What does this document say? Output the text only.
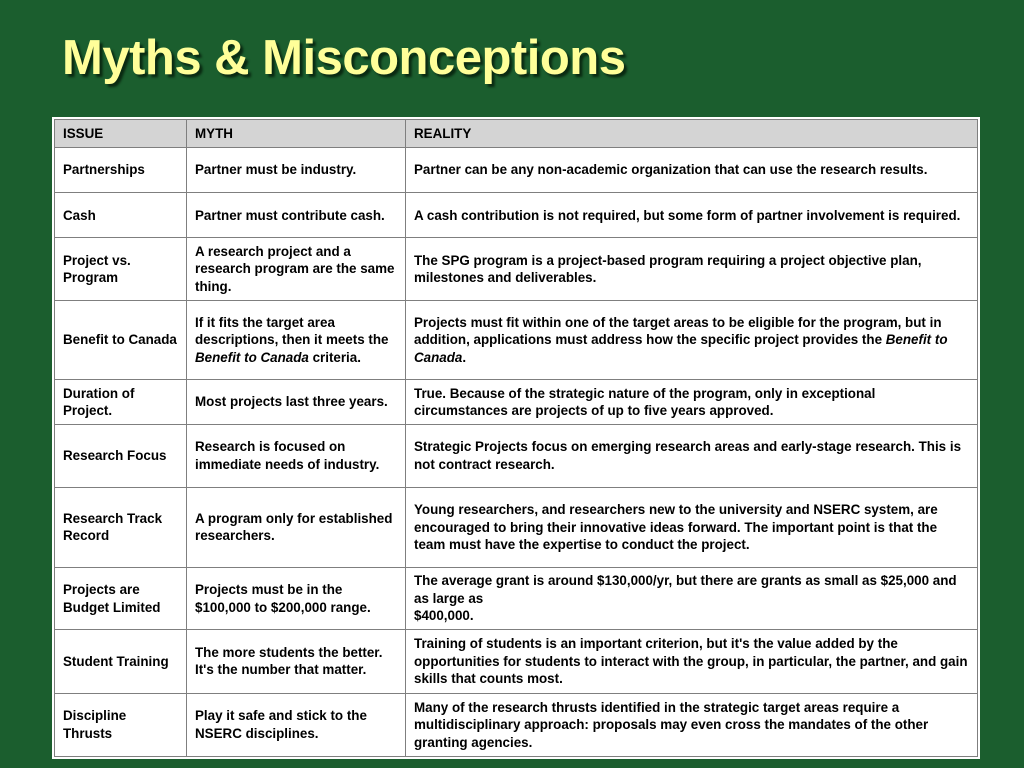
Myths & Misconceptions
ISSUE	MYTH	REALITY
Partnerships	Partner must be industry.	Partner can be any non-academic organization that can use the research results.
Cash	Partner must contribute cash.	A cash contribution is not required, but some form of partner involvement is required.
Project vs. Program	A research project and a research program are the same thing.	The SPG program is a project-based program requiring a project objective plan, milestones and deliverables.
Benefit to Canada	If it fits the target area descriptions, then it meets the Benefit to Canada criteria.	Projects must fit within one of the target areas to be eligible for the program, but in addition, applications must address how the specific project provides the Benefit to Canada.
Duration of Project.	Most projects last three years.	True. Because of the strategic nature of the program, only in exceptional circumstances are projects of up to five years approved.
Research Focus	Research is focused on immediate needs of industry.	Strategic Projects focus on emerging research areas and early-stage research. This is not contract research.
Research Track Record	A program only for established researchers.	Young researchers, and researchers new to the university and NSERC system, are encouraged to bring their innovative ideas forward. The important point is that the team must have the expertise to conduct the project.
Projects are Budget Limited	Projects must be in the $100,000 to $200,000 range.	The average grant is around $130,000/yr, but there are grants as small as $25,000 and as large as
$400,000.
Student Training	The more students the better. It's the number that matter.	Training of students is an important criterion, but it's the value added by the opportunities for students to interact with the group, in particular, the partner, and gain skills that counts most.
Discipline Thrusts	Play it safe and stick to the NSERC disciplines.	Many of the research thrusts identified in the strategic target areas require a multidisciplinary approach: proposals may even cross the mandates of the other granting agencies.
